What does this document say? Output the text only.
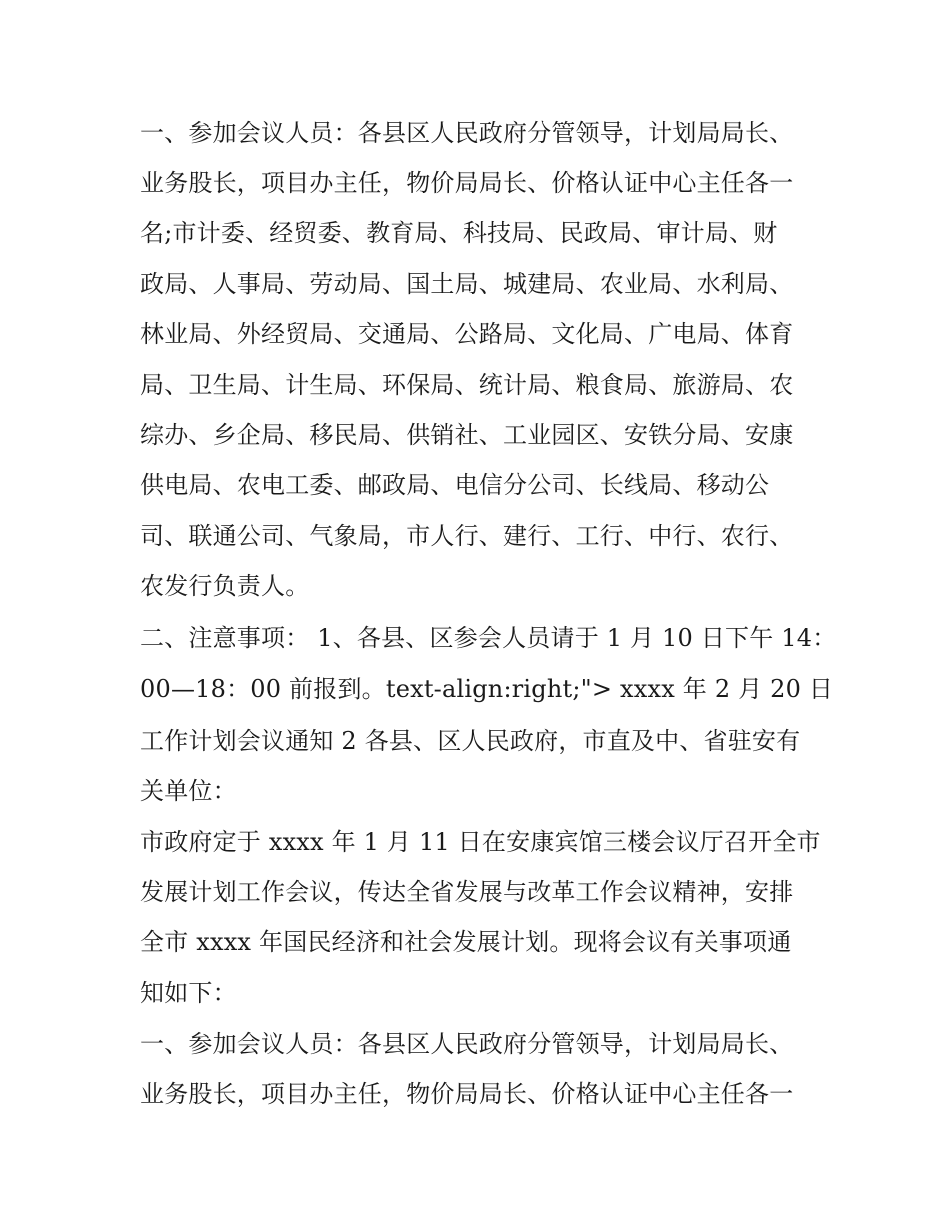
一、参加会议人员：各县区人民政府分管领导，计划局局长、
业务股长，项目办主任，物价局局长、价格认证中心主任各一
名;市计委、经贸委、教育局、科技局、民政局、审计局、财
政局、人事局、劳动局、国土局、城建局、农业局、水利局、
林业局、外经贸局、交通局、公路局、文化局、广电局、体育
局、卫生局、计生局、环保局、统计局、粮食局、旅游局、农
综办、乡企局、移民局、供销社、工业园区、安铁分局、安康
供电局、农电工委、邮政局、电信分公司、长线局、移动公
司、联通公司、气象局，市人行、建行、工行、中行、农行、
农发行负责人。
二、注意事项： 1、各县、区参会人员请于 1 月 10 日下午 14：
00—18：00 前报到。text-align:right;"> xxxx 年 2 月 20 日
工作计划会议通知 2 各县、区人民政府，市直及中、省驻安有
关单位：
市政府定于 xxxx 年 1 月 11 日在安康宾馆三楼会议厅召开全市
发展计划工作会议，传达全省发展与改革工作会议精神，安排
全市 xxxx 年国民经济和社会发展计划。现将会议有关事项通
知如下：
一、参加会议人员：各县区人民政府分管领导，计划局局长、
业务股长，项目办主任，物价局局长、价格认证中心主任各一
